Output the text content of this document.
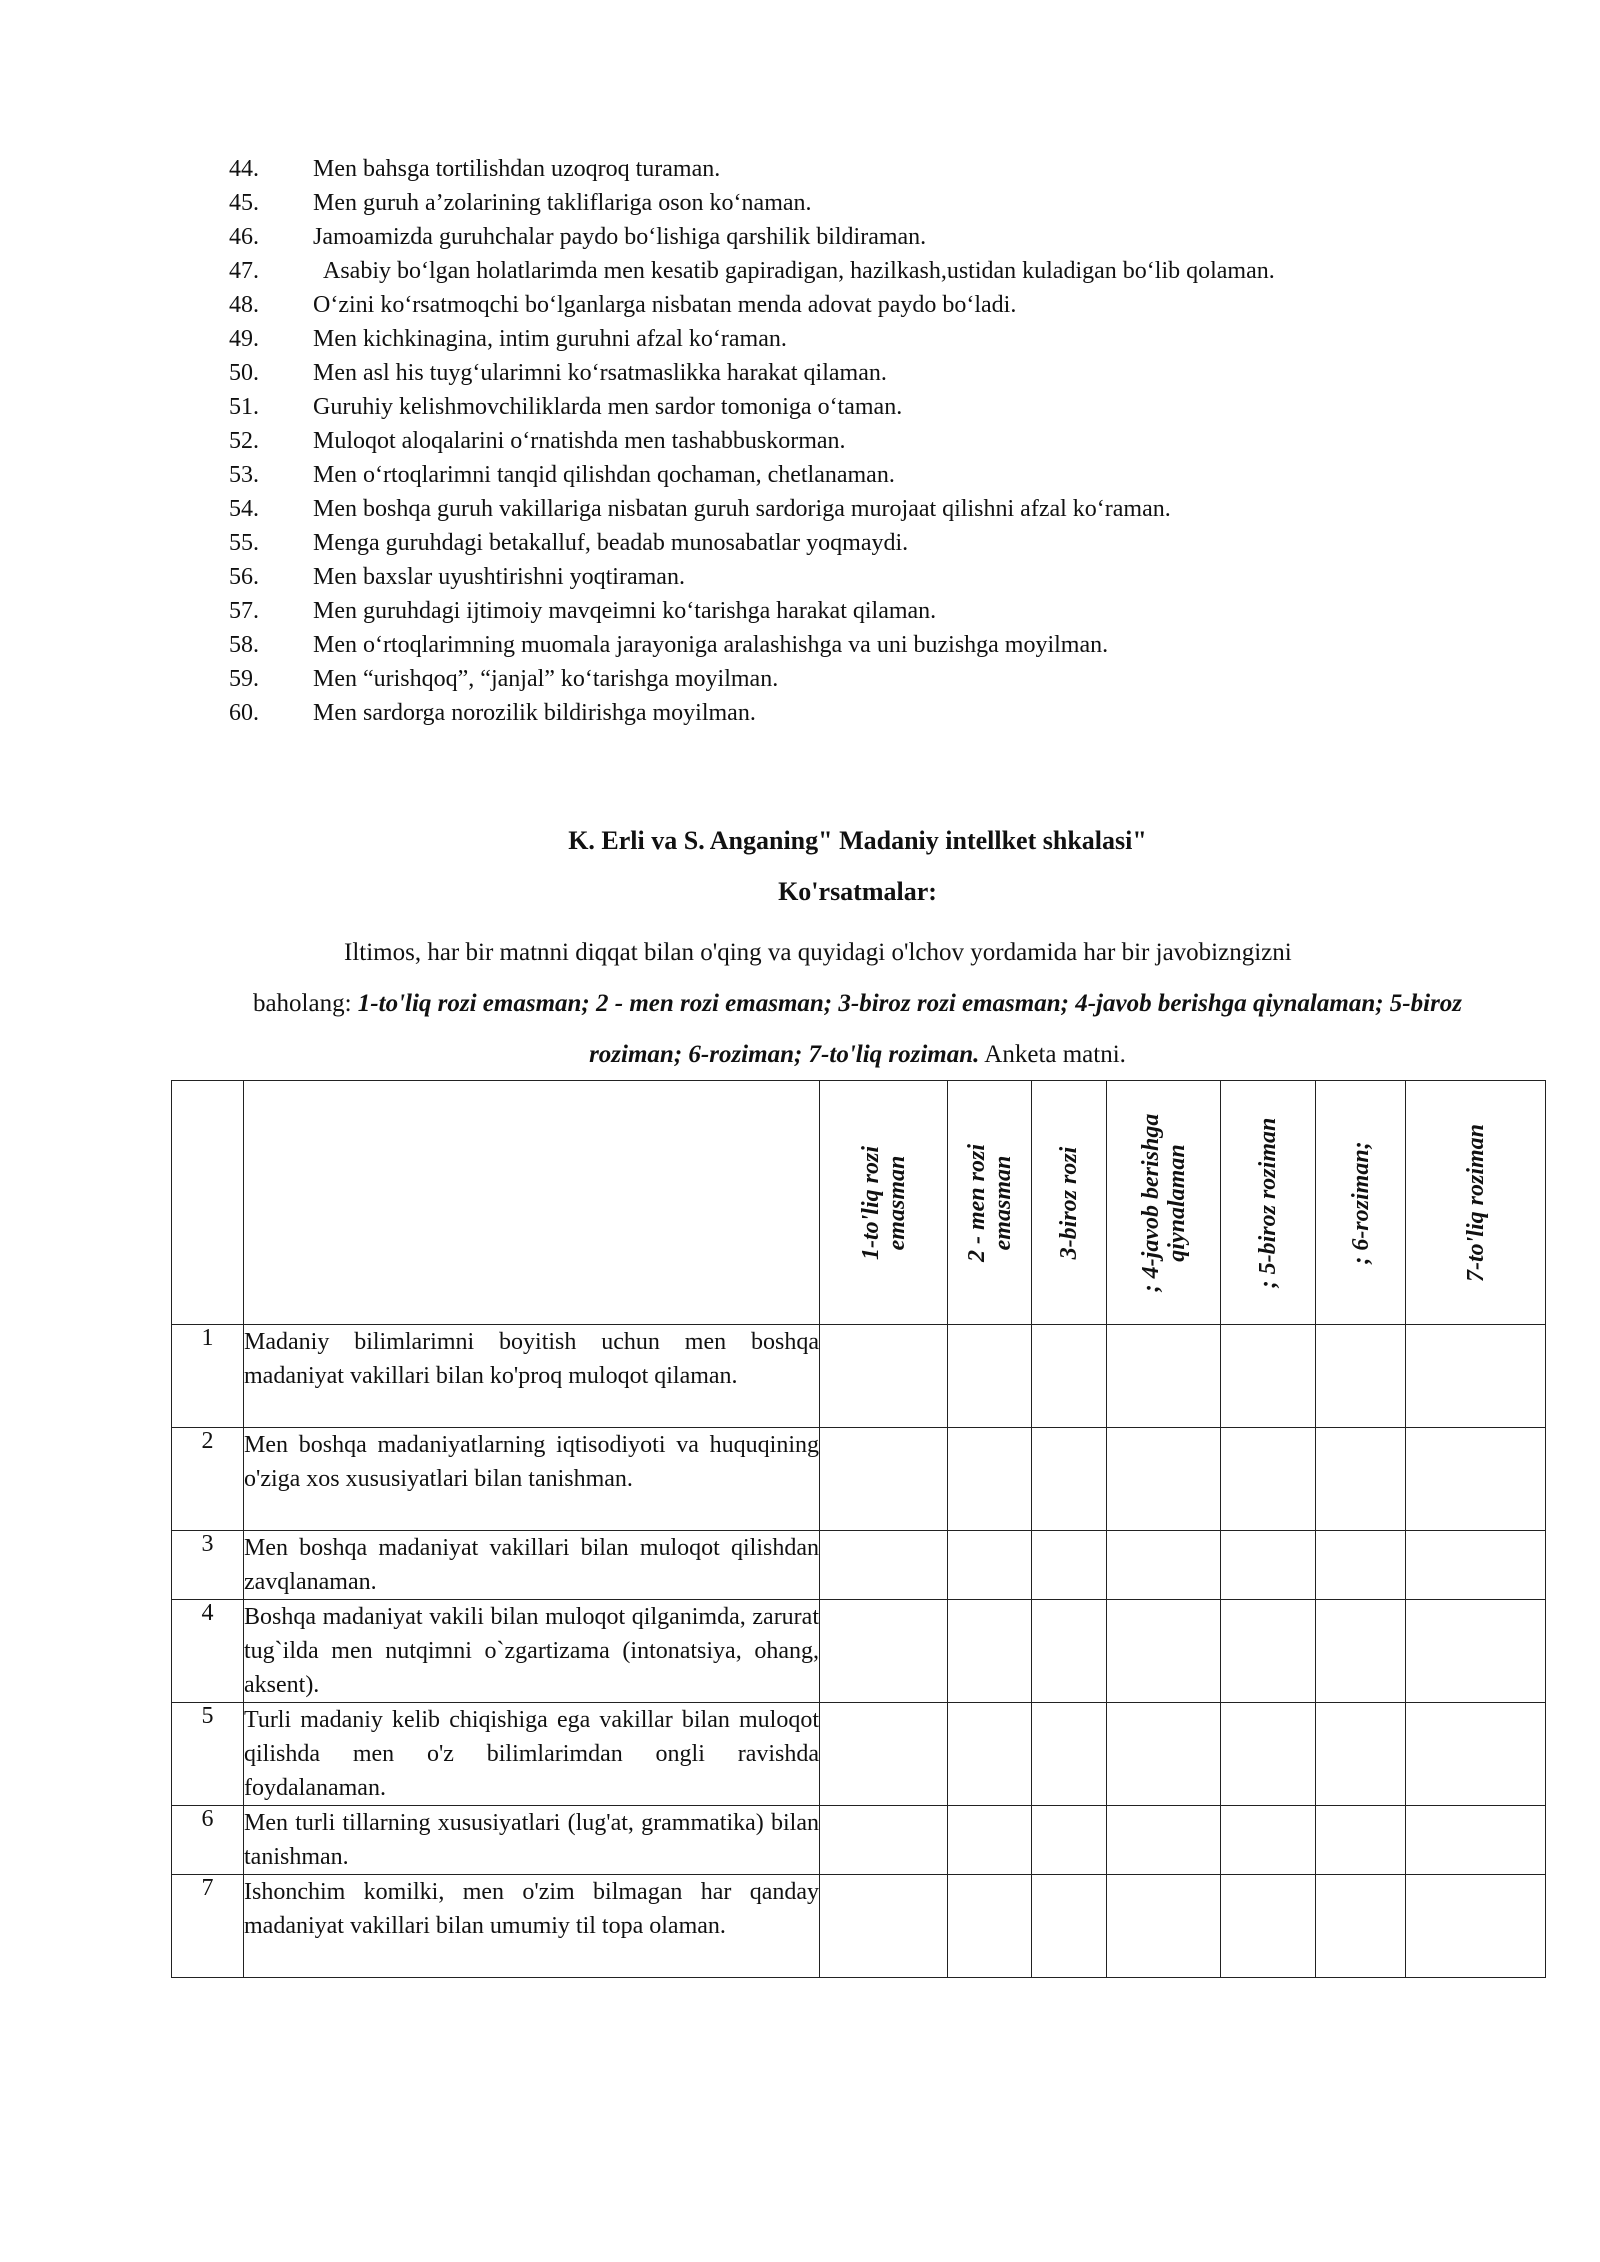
44.	Men bahsga tortilishdan uzoqroq turaman.
45.	Men guruh a’zolarining takliflariga oson ko‘naman.
46.	Jamoamizda guruhchalar paydo bo‘lishiga qarshilik bildiraman.
47.	Asabiy bo‘lgan holatlarimda men kesatib gapiradigan, hazilkash,ustidan kuladigan bo‘lib qolaman.
48.	O‘zini ko‘rsatmoqchi bo‘lganlarga nisbatan menda adovat paydo bo‘ladi.
49.	Men kichkinagina, intim guruhni afzal ko‘raman.
50.	Men asl his tuyg‘ularimni ko‘rsatmaslikka harakat qilaman.
51.	Guruhiy kelishmovchiliklarda men sardor tomoniga o‘taman.
52.	Muloqot aloqalarini o‘rnatishda men tashabbuskorman.
53.	Men o‘rtoqlarimni tanqid qilishdan qochaman, chetlanaman.
54.	Men boshqa guruh vakillariga nisbatan guruh sardoriga murojaat qilishni afzal ko‘raman.
55.	Menga guruhdagi betakalluf, beadab munosabatlar yoqmaydi.
56.	Men baxslar uyushtirishni yoqtiraman.
57.	Men guruhdagi ijtimoiy mavqeimni ko‘tarishga harakat qilaman.
58.	Men o‘rtoqlarimning muomala jarayoniga aralashishga va uni buzishga moyilman.
59.	Men “urishqoq”, “janjal” ko‘tarishga moyilman.
60.	Men sardorga norozilik bildirishga moyilman.
K. Erli va S. Anganing" Madaniy intellket shkalasi"
Ko'rsatmalar:
Iltimos, har bir matnni diqqat bilan o'qing va quyidagi o'lchov yordamida har bir javobizngizni
baholang: 1-to'liq rozi emasman; 2 - men rozi emasman; 3-biroz rozi emasman; 4-javob berishga qiynalaman; 5-biroz roziman; 6-roziman; 7-to'liq roziman. Anketa matni.

		1-to'liq rozi emasman	2 - men rozi emasman	3-biroz rozi	; 4-javob berishga qiynalaman	; 5-biroz roziman	; 6-roziman;	7-to'liq roziman

1	Madaniy bilimlarimni boyitish uchun men boshqa madaniyat vakillari bilan ko'proq muloqot qilaman.							
2	Men boshqa madaniyatlarning iqtisodiyoti va huquqining o'ziga xos xususiyatlari bilan tanishman.							
3	Men boshqa madaniyat vakillari bilan muloqot qilishdan zavqlanaman.							
4	Boshqa madaniyat vakili bilan muloqot qilganimda, zarurat tug`ilda men nutqimni o`zgartizama (intonatsiya, ohang, aksent).							
5	Turli madaniy kelib chiqishiga ega vakillar bilan muloqot qilishda men o'z bilimlarimdan ongli ravishda foydalanaman.							
6	Men turli tillarning xususiyatlari (lug'at, grammatika) bilan tanishman.							
7	Ishonchim komilki, men o'zim bilmagan har qanday madaniyat vakillari bilan umumiy til topa olaman.							
